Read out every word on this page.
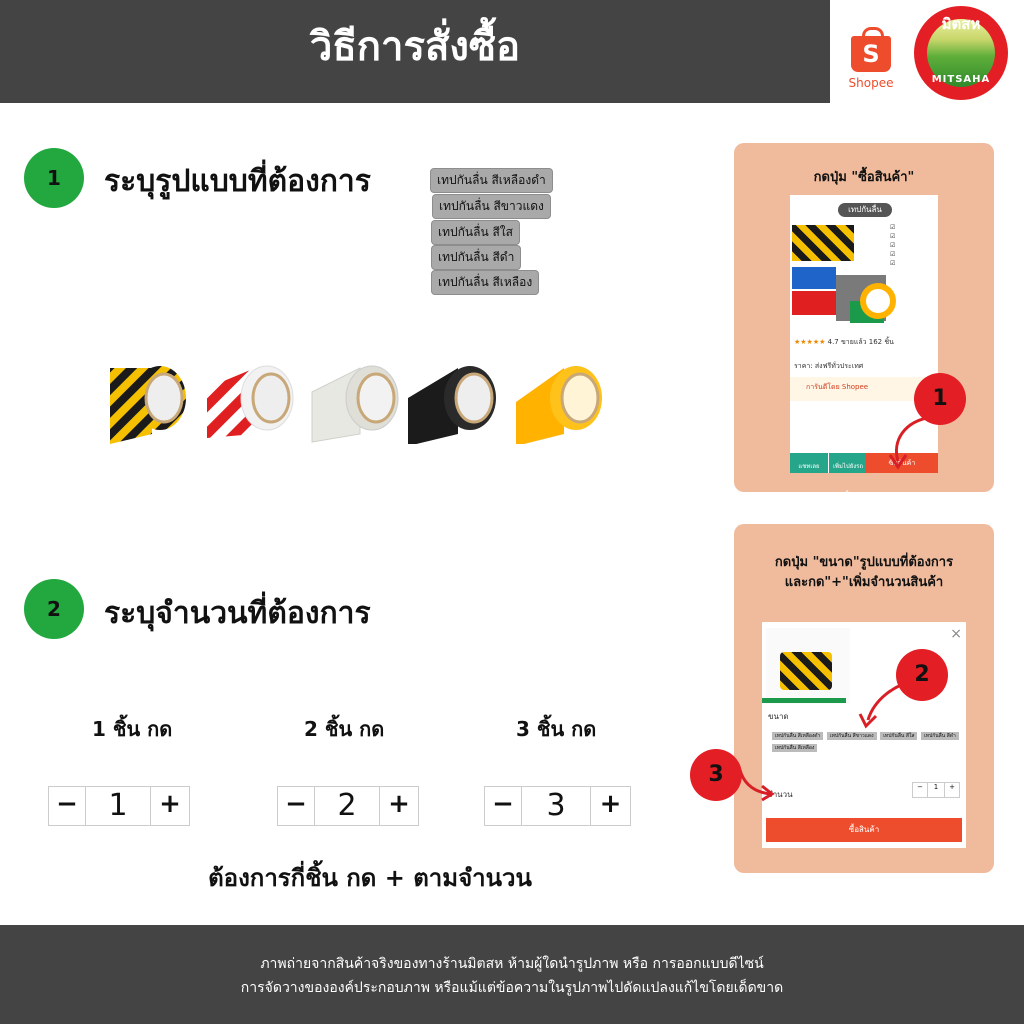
วิธีการสั่งซื้อ	S
Shopee
มิตสห
MITSAHA
1	ระบุรูปแบบที่ต้องการ	เทปกันลื่น สีเหลืองดำ
เทปกันลื่น สีขาวแดง
เทปกันลื่น สีใส
เทปกันลื่น สีดำ
เทปกันลื่น สีเหลือง
กดปุ่ม "ซื้อสินค้า"
เทปกันลื่น
☑
☑
☑
☑
☑
★★★★★ 4.7 ขายแล้ว 162 ชิ้น
ราคา: ส่งฟรีทั่วประเทศ
การันตีโดย Shopee
แชทเลย	เพิ่มไปยังรถเข็น
ซื้อสินค้า
1
2	ระบุจำนวนที่ต้องการ
1 ชิ้น กด	2 ชิ้น กด	3 ชิ้น กด
−	1	+	−	2	+	−	3	+
ต้องการกี่ชิ้น กด + ตามจำนวน
กดปุ่ม "ขนาด"รูปแบบที่ต้องการ
และกด"+"เพิ่มจำนวนสินค้า
×
ขนาด
เทปกันลื่น สีเหลืองดำ เทปกันลื่น สีขาวแดง เทปกันลื่น สีใส เทปกันลื่น สีดำ
เทปกันลื่น สีเหลือง
จำนวน
−	1	+
ซื้อสินค้า
2
3
ภาพถ่ายจากสินค้าจริงของทางร้านมิตสห ห้ามผู้ใดนำรูปภาพ หรือ การออกแบบดีไซน์
การจัดวางขององค์ประกอบภาพ หรือแม้แต่ข้อความในรูปภาพไปดัดแปลงแก้ไขโดยเด็ดขาด
